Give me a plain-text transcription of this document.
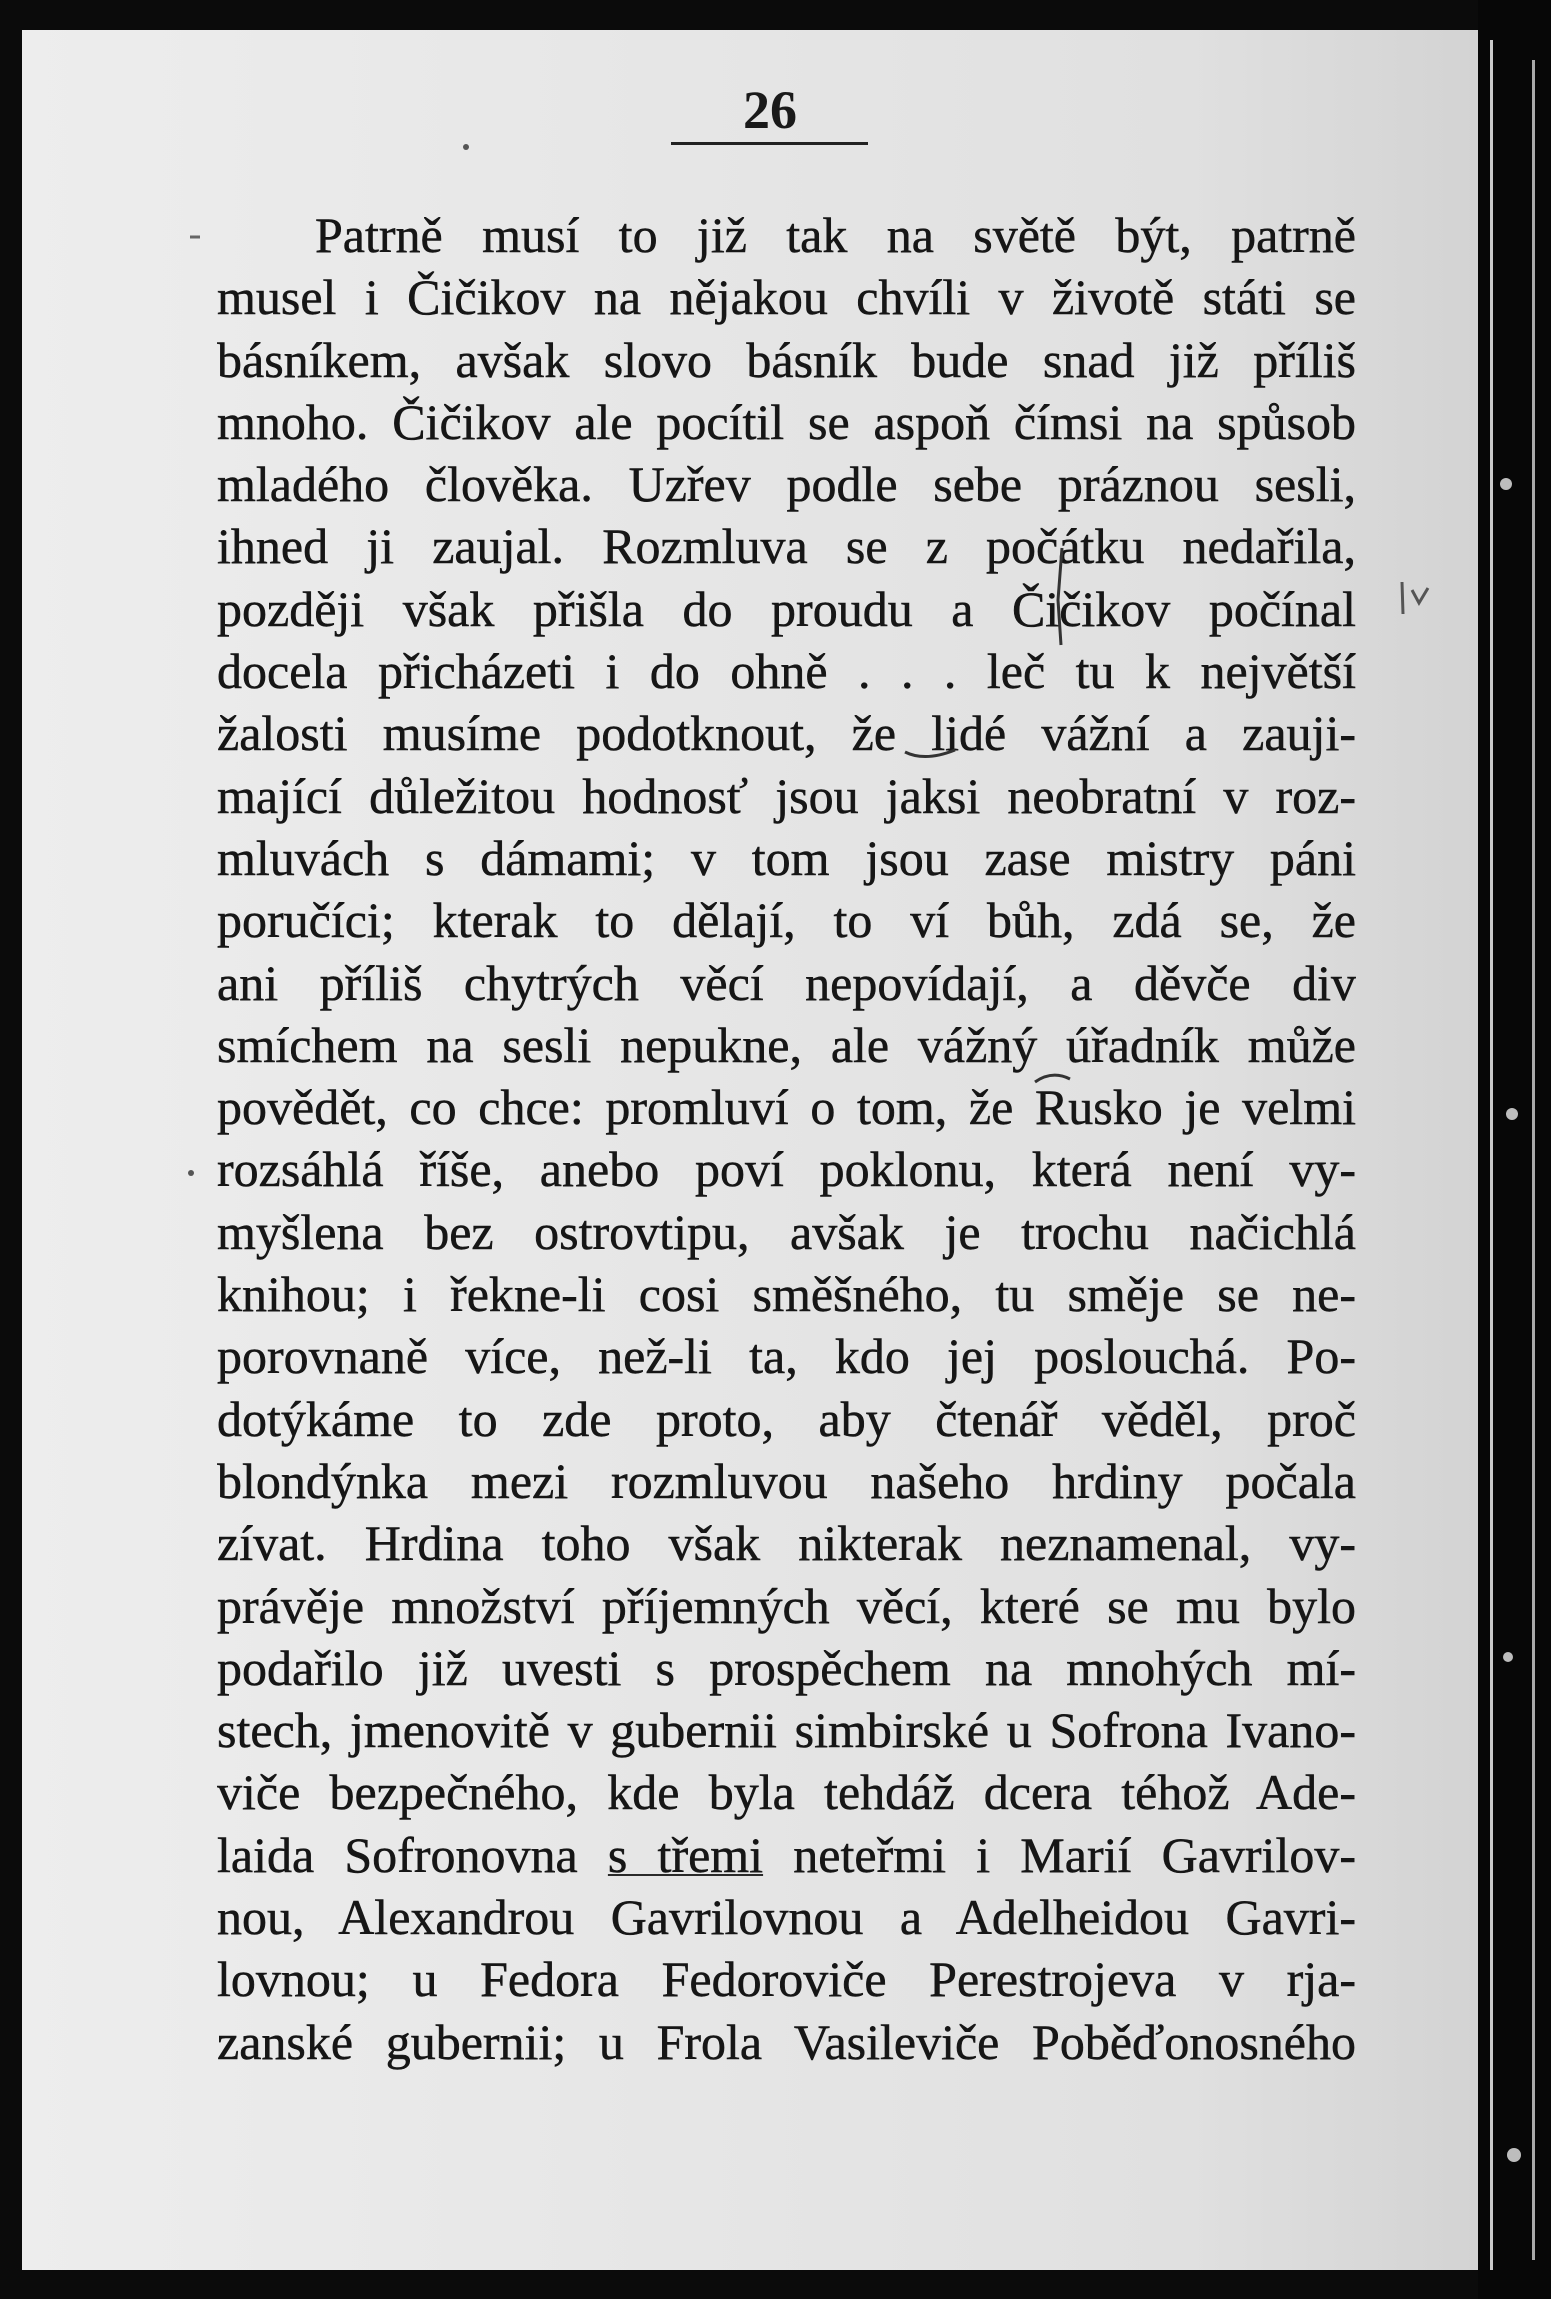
26
Patrně musí to již tak na světě být, patrně
musel i Čičikov na nějakou chvíli v životě státi se
básníkem, avšak slovo básník bude snad již příliš
mnoho. Čičikov ale pocítil se aspoň čímsi na spůsob
mladého člověka. Uzřev podle sebe práznou sesli,
ihned ji zaujal. Rozmluva se z počátku nedařila,
později však přišla do proudu a Čičikov počínal
docela přicházeti i do ohně . . . leč tu k největší
žalosti musíme podotknout, že lidé vážní a zauji-
mající důležitou hodnosť jsou jaksi neobratní v roz-
mluvách s dámami; v tom jsou zase mistry páni
poručíci; kterak to dělají, to ví bůh, zdá se, že
ani příliš chytrých věcí nepovídají, a děvče div
smíchem na sesli nepukne, ale vážný úřadník může
povědět, co chce: promluví o tom, že Rusko je velmi
rozsáhlá říše, anebo poví poklonu, která není vy-
myšlena bez ostrovtipu, avšak je trochu načichlá
knihou; i řekne-li cosi směšného, tu směje se ne-
porovnaně více, než-li ta, kdo jej poslouchá. Po-
dotýkáme to zde proto, aby čtenář věděl, proč
blondýnka mezi rozmluvou našeho hrdiny počala
zívat. Hrdina toho však nikterak neznamenal, vy-
právěje množství příjemných věcí, které se mu bylo
podařilo již uvesti s prospěchem na mnohých mí-
stech, jmenovitě v gubernii simbirské u Sofrona Ivano-
viče bezpečného, kde byla tehdáž dcera téhož Ade-
laida Sofronovna s třemi neteřmi i Marií Gavrilov-
nou, Alexandrou Gavrilovnou a Adelheidou Gavri-
lovnou; u Fedora Fedoroviče Perestrojeva v rja-
zanské gubernii; u Frola Vasileviče Poběďonosného
